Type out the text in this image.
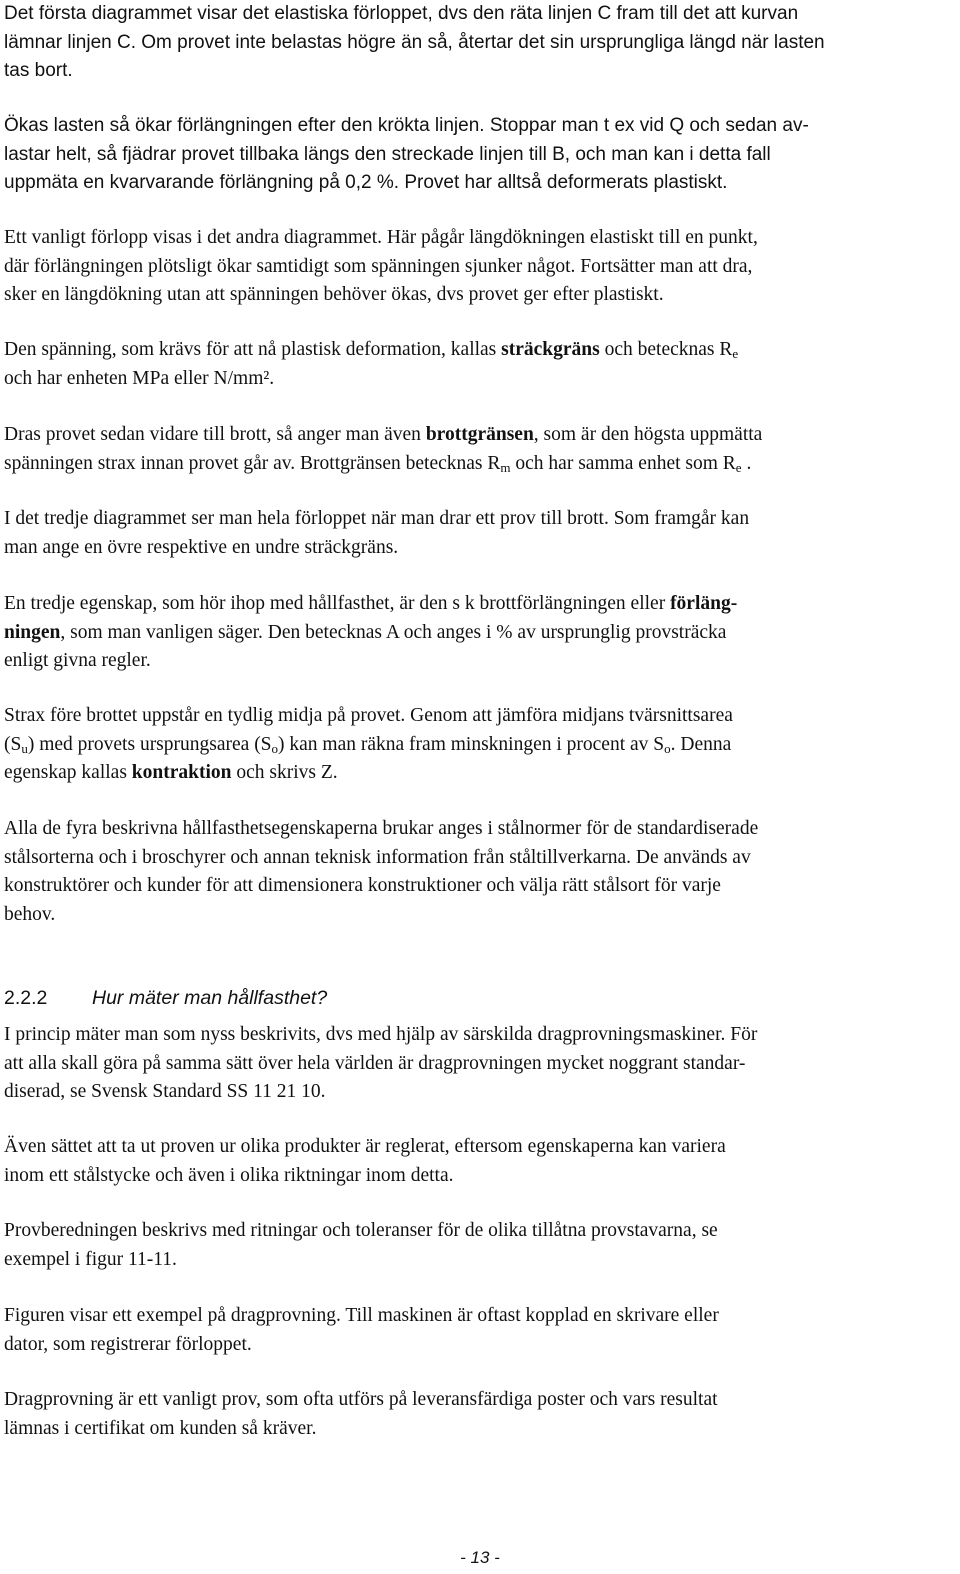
Det första diagrammet visar det elastiska förloppet, dvs den räta linjen C fram till det att kurvan
lämnar linjen C. Om provet inte belastas högre än så, återtar det sin ursprungliga längd när lasten
tas bort.

Ökas lasten så ökar förlängningen efter den krökta linjen. Stoppar man t ex vid Q och sedan av-
lastar helt, så fjädrar provet tillbaka längs den streckade linjen till B, och man kan i detta fall
uppmäta en kvarvarande förlängning på 0,2 %. Provet har alltså deformerats plastiskt.

Ett vanligt förlopp visas i det andra diagrammet. Här pågår längdökningen elastiskt till en punkt,
där förlängningen plötsligt ökar samtidigt som spänningen sjunker något. Fortsätter man att dra,
sker en längdökning utan att spänningen behöver ökas, dvs provet ger efter plastiskt.

Den spänning, som krävs för att nå plastisk deformation, kallas sträckgräns och betecknas $R_e$
och har enheten MPa eller N/mm².

Dras provet sedan vidare till brott, så anger man även brottgränsen, som är den högsta uppmätta
spänningen strax innan provet går av. Brottgränsen betecknas $R_m$ och har samma enhet som $R_e$ .

I det tredje diagrammet ser man hela förloppet när man drar ett prov till brott. Som framgår kan
man ange en övre respektive en undre sträckgräns.

En tredje egenskap, som hör ihop med hållfasthet, är den s k brottförlängningen eller förläng-
ningen, som man vanligen säger. Den betecknas A och anges i % av ursprunglig provsträcka
enligt givna regler.

Strax före brottet uppstår en tydlig midja på provet. Genom att jämföra midjans tvärsnittsarea
$(S_u)$ med provets ursprungsarea $(S_o)$ kan man räkna fram minskningen i procent av $S_o$. Denna
egenskap kallas kontraktion och skrivs Z.

Alla de fyra beskrivna hållfasthetsegenskaperna brukar anges i stålnormer för de standardiserade
stålsorterna och i broschyrer och annan teknisk information från ståltillverkarna. De används av
konstruktörer och kunder för att dimensionera konstruktioner och välja rätt stålsort för varje
behov.

2.2.2 Hur mäter man hållfasthet?

I princip mäter man som nyss beskrivits, dvs med hjälp av särskilda dragprovningsmaskiner. För
att alla skall göra på samma sätt över hela världen är dragprovningen mycket noggrant standar-
diserad, se Svensk Standard SS 11 21 10.

Även sättet att ta ut proven ur olika produkter är reglerat, eftersom egenskaperna kan variera
inom ett stålstycke och även i olika riktningar inom detta.

Provberedningen beskrivs med ritningar och toleranser för de olika tillåtna provstavarna, se
exempel i figur 11-11.

Figuren visar ett exempel på dragprovning. Till maskinen är oftast kopplad en skrivare eller
dator, som registrerar förloppet.

Dragprovning är ett vanligt prov, som ofta utförs på leveransfärdiga poster och vars resultat
lämnas i certifikat om kunden så kräver.

- 13 -
